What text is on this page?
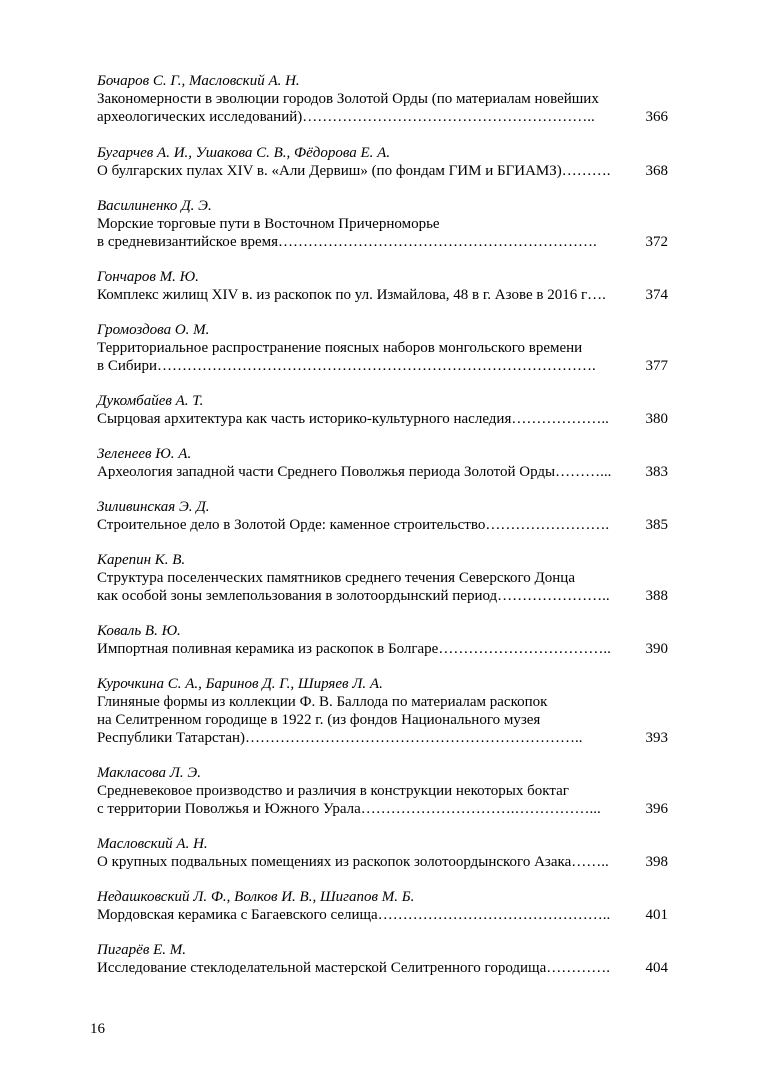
Бочаров С. Г., Масловский А. Н.
Закономерности в эволюции городов Золотой Орды (по материалам новейших
археологических исследований)…………………………………………………..	366
Бугарчев А. И., Ушакова С. В., Фёдорова Е. А.
О булгарских пулах XIV в. «Али Дервиш» (по фондам ГИМ и БГИАМЗ)……….	368
Василиненко Д. Э.
Морские торговые пути в Восточном Причерноморье
в средневизантийское время……………………………………………………….	372
Гончаров М. Ю.
Комплекс жилищ XIV в. из раскопок по ул. Измайлова, 48 в г. Азове в 2016 г….	374
Громоздова О. М.
Территориальное распространение поясных наборов монгольского времени
в Сибири…………………………………………………………………………….	377
Дукомбайев А. Т.
Сырцовая архитектура как часть историко-культурного наследия………………..	380
Зеленеев Ю. А.
Археология западной части Среднего Поволжья периода Золотой Орды………...	383
Зиливинская Э. Д.
Строительное дело в Золотой Орде: каменное строительство…………………….	385
Карепин К. В.
Структура поселенческих памятников среднего течения Северского Донца
как особой зоны землепользования в золотоордынский период…………………..	388
Коваль В. Ю.
Импортная поливная керамика из раскопок в Болгаре……………………………..	390
Курочкина С. А., Баринов Д. Г., Ширяев Л. А.
Глиняные формы из коллекции Ф. В. Баллода по материалам раскопок
на Селитренном городище в 1922 г. (из фондов Национального музея
Республики Татарстан)…………………………………………………………..	393
Макласова Л. Э.
Средневековое производство и различия в конструкции некоторых боктаг
с территории Поволжья и Южного Урала………………………….……………...	396
Масловский А. Н.
О крупных подвальных помещениях из раскопок золотоордынского Азака……..	398
Недашковский Л. Ф., Волков И. В., Шигапов М. Б.
Мордовская керамика с Багаевского селища………………………………………..	401
Пигарёв Е. М.
Исследование стеклоделательной мастерской Селитренного городища………….	404
16
